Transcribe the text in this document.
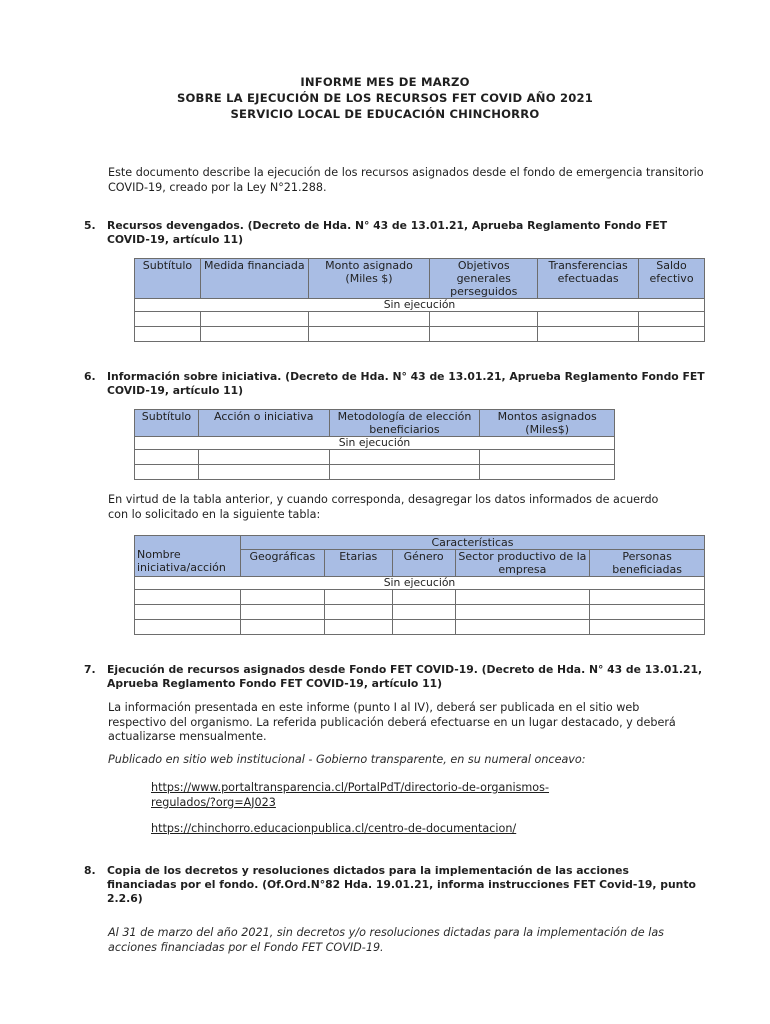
INFORME MES DE MARZO
SOBRE LA EJECUCIÓN DE LOS RECURSOS FET COVID AÑO 2021
SERVICIO LOCAL DE EDUCACIÓN CHINCHORRO
Este documento describe la ejecución de los recursos asignados desde el fondo de emergencia transitorio COVID-19, creado por la Ley N°21.288.
5. Recursos devengados. (Decreto de Hda. N° 43 de 13.01.21, Aprueba Reglamento Fondo FET COVID-19, artículo 11)
Subtítulo	Medida financiada	Monto asignado (Miles $)	Objetivos generales perseguidos	Transferencias efectuadas	Saldo efectivo
Sin ejecución					

6. Información sobre iniciativa. (Decreto de Hda. N° 43 de 13.01.21, Aprueba Reglamento Fondo FET COVID-19, artículo 11)
Subtítulo	Acción o iniciativa	Metodología de elección beneficiarios	Montos asignados (Miles$)
Sin ejecución			

En virtud de la tabla anterior, y cuando corresponda, desagregar los datos informados de acuerdo con lo solicitado en la siguiente tabla:
Nombre iniciativa/acción	Características				
	Geográficas	Etarias	Género	Sector productivo de la empresa	Personas beneficiadas
Sin ejecución					

7. Ejecución de recursos asignados desde Fondo FET COVID-19. (Decreto de Hda. N° 43 de 13.01.21, Aprueba Reglamento Fondo FET COVID-19, artículo 11)
La información presentada en este informe (punto I al IV), deberá ser publicada en el sitio web respectivo del organismo. La referida publicación deberá efectuarse en un lugar destacado, y deberá actualizarse mensualmente.
Publicado en sitio web institucional - Gobierno transparente, en su numeral onceavo:
https://www.portaltransparencia.cl/PortalPdT/directorio-de-organismos-regulados/?org=AJ023
https://chinchorro.educacionpublica.cl/centro-de-documentacion/
8. Copia de los decretos y resoluciones dictados para la implementación de las acciones financiadas por el fondo. (Of.Ord.N°82 Hda. 19.01.21, informa instrucciones FET Covid-19, punto 2.2.6)
Al 31 de marzo del año 2021, sin decretos y/o resoluciones dictadas para la implementación de las acciones financiadas por el Fondo FET COVID-19.
